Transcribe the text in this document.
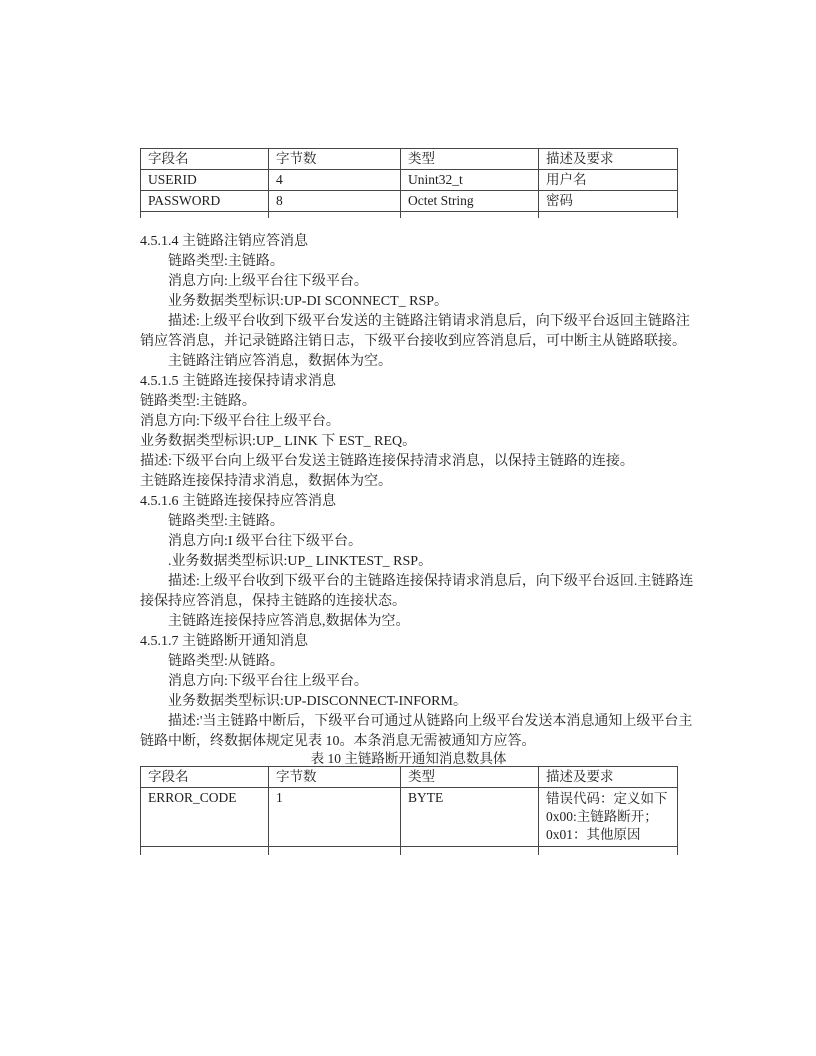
字段名	字节数	类型	描述及要求
USERID	4	Unint32_t	用户名
PASSWORD	8	Octet String	密码

4.5.1.4 主链路注销应答消息
链路类型:主链路。
消息方向:上级平台往下级平台。
业务数据类型标识:UP-DI SCONNECT_ RSP。
描述:上级平台收到下级平台发送的主链路注销请求消息后，向下级平台返回主链路注
销应答消息，并记录链路注销日志，下级平台接收到应答消息后，可中断主从链路联接。
主链路注销应答消息，数据体为空。
4.5.1.5 主链路连接保持请求消息
链路类型:主链路。
消息方向:下级平台往上级平台。
业务数据类型标识:UP_ LINK 下 EST_ REQ。
描述:下级平台向上级平台发送主链路连接保持清求消息，以保持主链路的连接。
主链路连接保持清求消息，数据体为空。
4.5.1.6 主链路连接保持应答消息
链路类型:主链路。
消息方向:I 级平台往下级平台。
.业务数据类型标识:UP_ LINKTEST_ RSP。
描述:上级平台收到下级平台的主链路连接保持请求消息后，向下级平台返回.主链路连
接保持应答消息，保持主链路的连接状态。
主链路连接保持应答消息,数据体为空。
4.5.1.7 主链路断开通知消息
链路类型:从链路。
消息方向:下级平台往上级平台。
业务数据类型标识:UP-DISCONNECT-INFORM。
描述:'当主链路中断后，下级平台可通过从链路向上级平台发送本消息通知上级平台主
链路中断，终数据体规定见表 10。本条消息无需被通知方应答。
表 10 主链路断开通知消息数具体
字段名	字节数	类型	描述及要求
ERROR_CODE	1	BYTE	错误代码：定义如下
0x00:主链路断开；
0x01：其他原因
